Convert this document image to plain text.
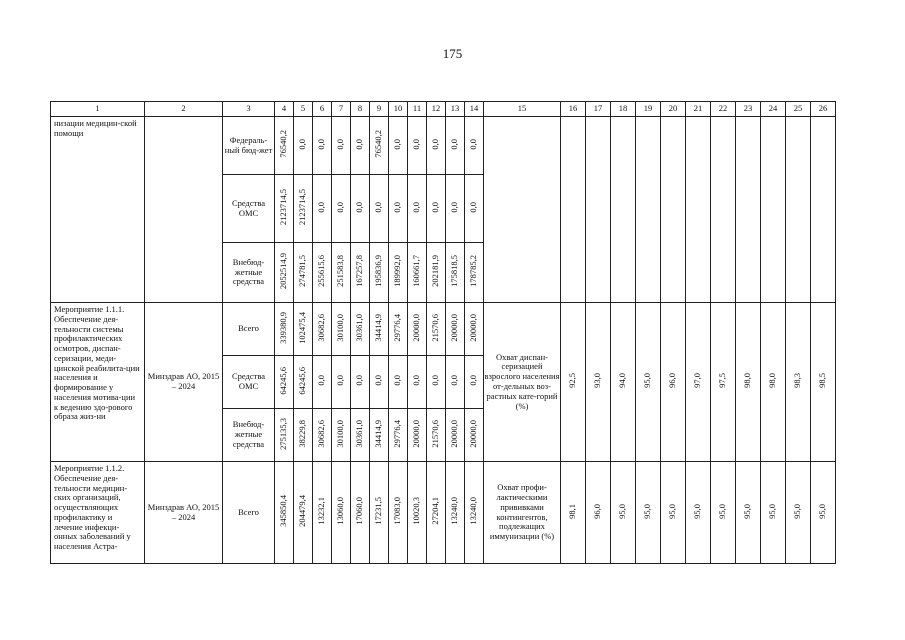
175
1	2	3	4	5	6	7	8	9	10	11	12	13	14	15	16	17	18	19	20	21	22	23	24	25	26
низации медицин-ской помощи		Федераль-ный бюд-жет	76540,2	0,0	0,0	0,0	0,0	76540,2	0,0	0,0	0,0	0,0	0,0												
		Средства ОМС	2123714,5	2123714,5	0,0	0,0	0,0	0,0	0,0	0,0	0,0	0,0	0,0												
		Внебюд-жетные средства	2052514,9	274781,5	255615,6	251583,8	167257,8	195836,9	189992,0	160661,7	202181,9	175818,5	178785,2												
Мероприятие 1.1.1. Обеспечение дея-тельности системы профилактических осмотров, диспан-серизации, меди-цинской реабилита-ции населения и формирование у населения мотива-ции к ведению здо-рового образа жиз-ни	Минздрав АО, 2015 – 2024	Всего	339380,9	102475,4	30682,6	30100,0	30361,0	34414,9	29776,4	20000,0	21570,6	20000,0	20000,0	Охват диспан-серизацией взрослого населения от-дельных воз-растных кате-горий (%)	92,5	93,0	94,0	95,0	96,0	97,0	97,5	98,0	98,0	98,3	98,5
		Средства ОМС	64245,6	64245,6	0,0	0,0	0,0	0,0	0,0	0,0	0,0	0,0	0,0												
		Внебюд-жетные средства	275135,3	38229,8	30682,6	30100,0	30361,0	34414,9	29776,4	20000,0	21570,6	20000,0	20000,0												
Мероприятие 1.1.2. Обеспечение дея-тельности медицин-ских организаций, осуществляющих профилактику и лечение инфекци-онных заболеваний у населения Астра-	Минздрав АО, 2015 – 2024	Всего	345850,4	204479,4	13232,1	13060,0	17060,0	17231,5	17083,0	10020,3	27204,1	13240,0	13240,0	Охват профи-лактическими прививками контингентов, подлежащих иммунизации (%)	98,1	96,0	95,0	95,0	95,0	95,0	95,0	95,0	95,0	95,0	95,0
